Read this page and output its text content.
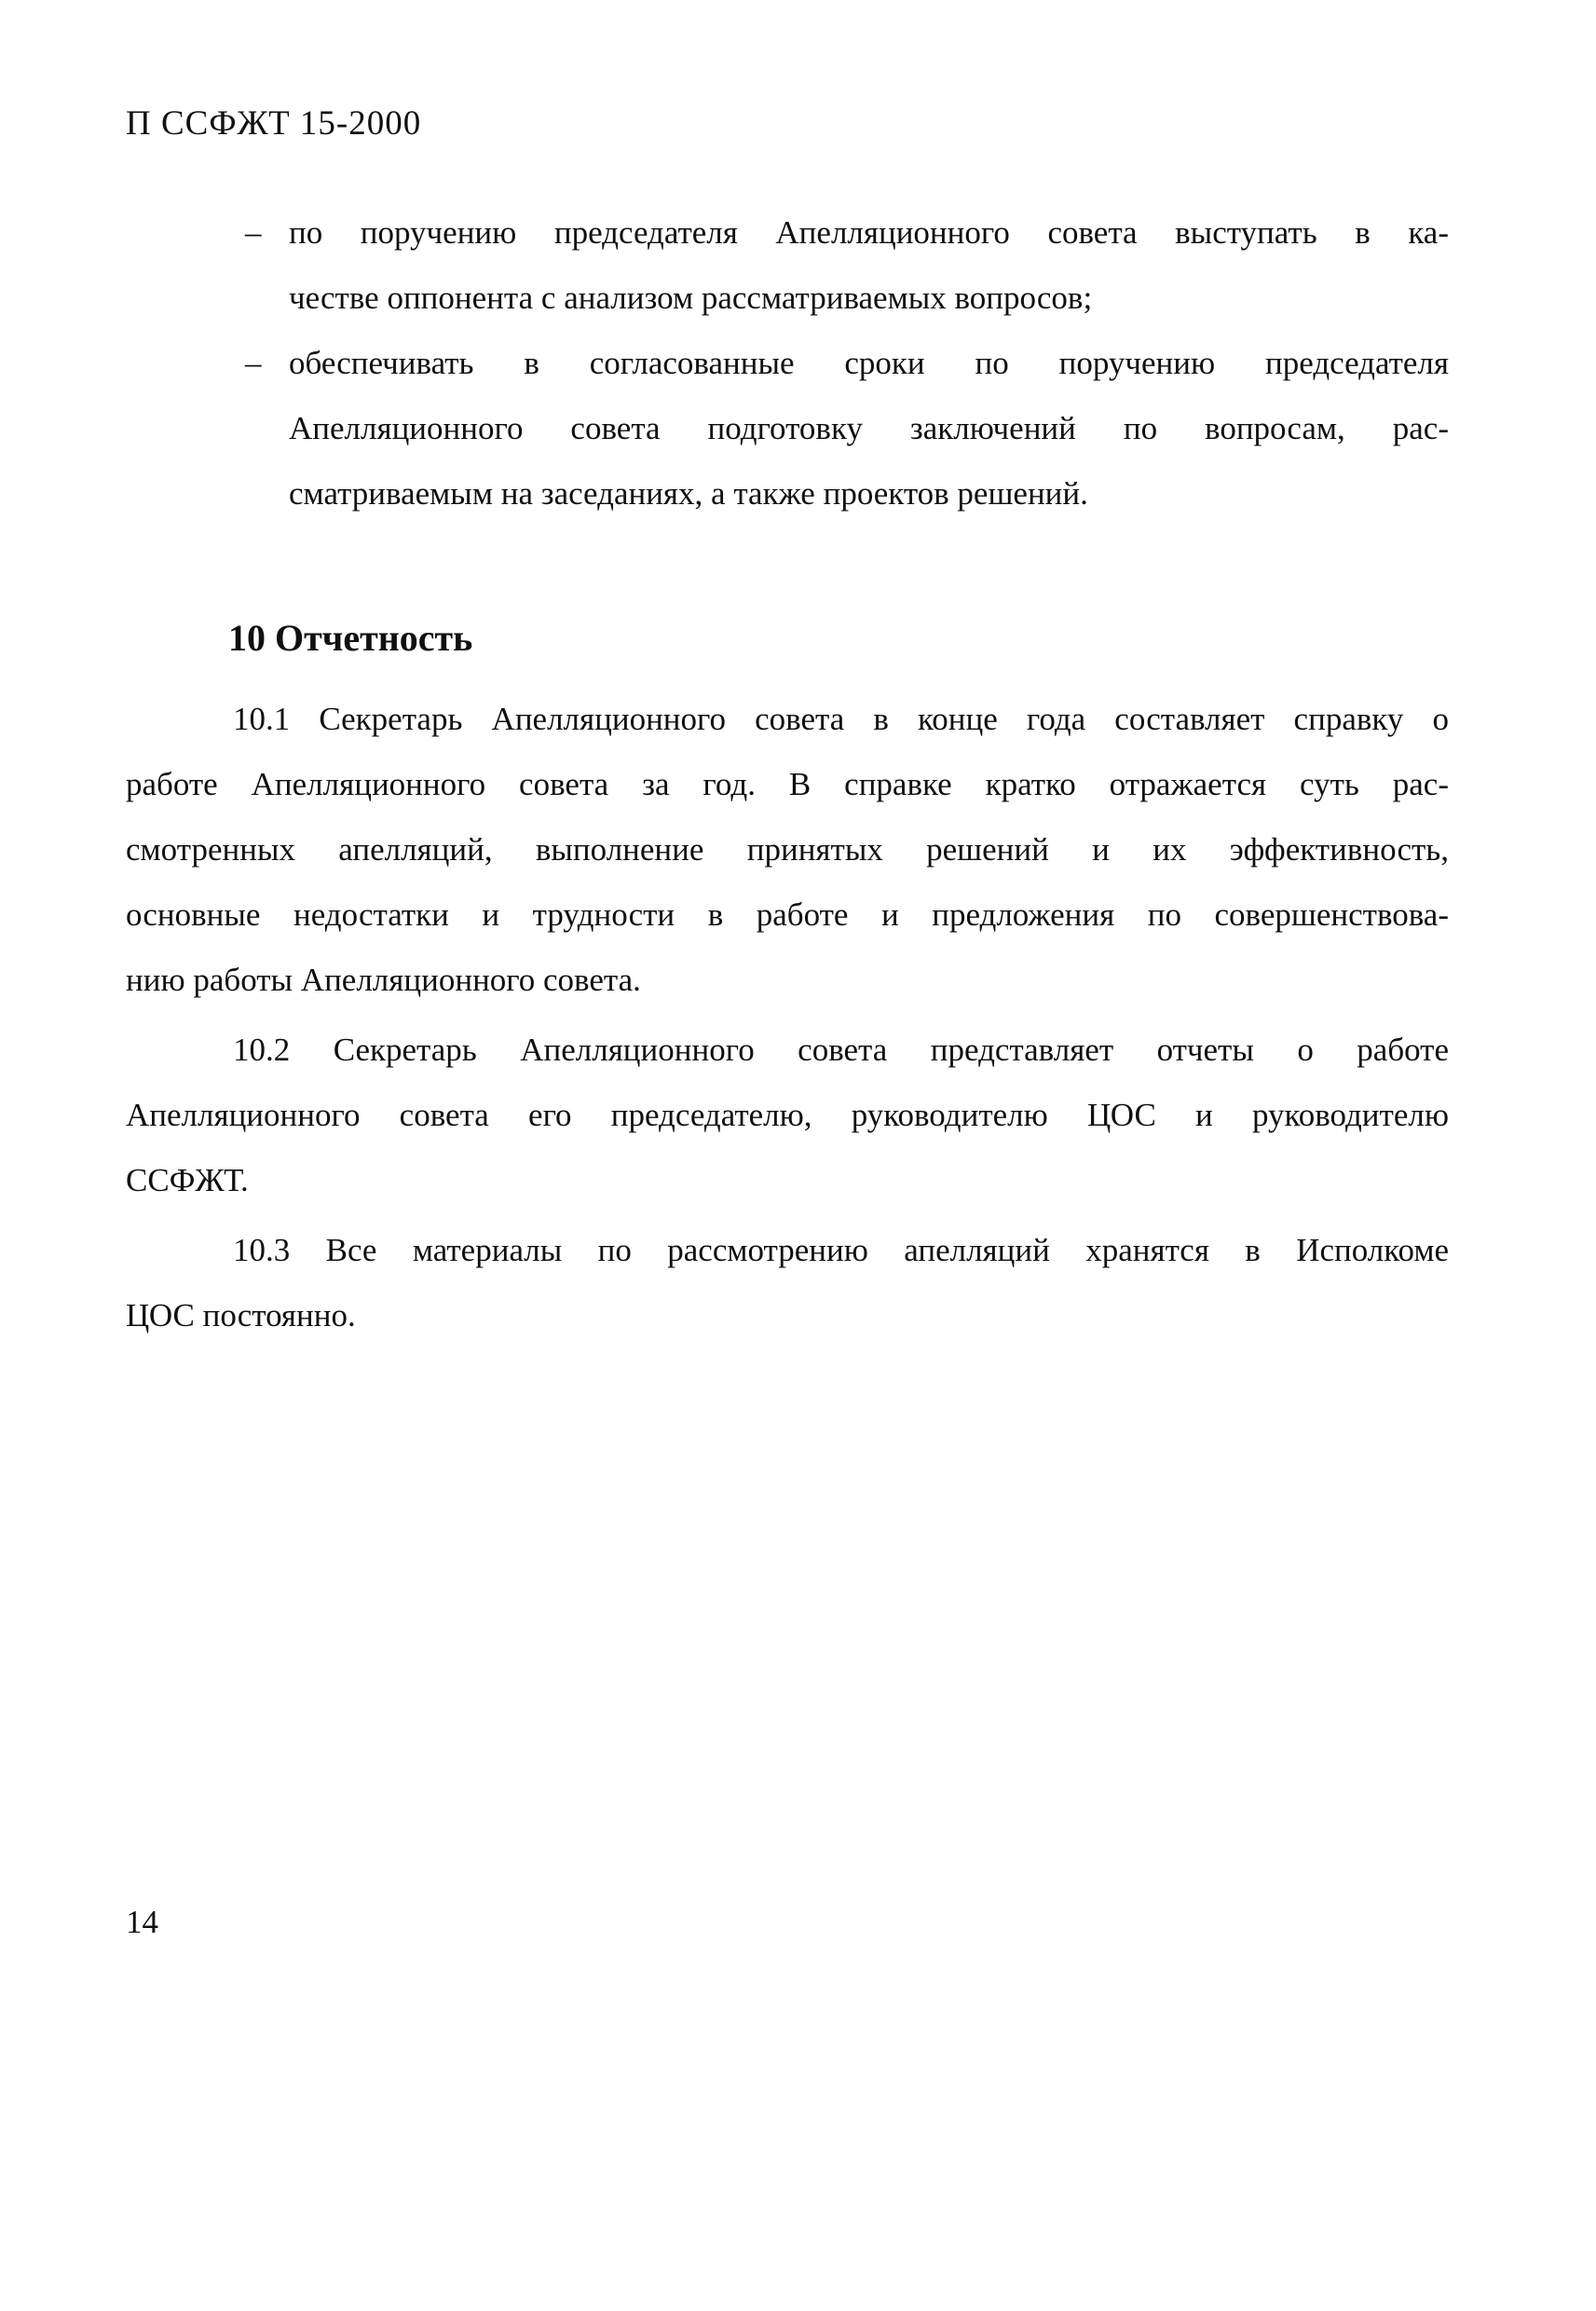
П ССФЖТ 15-2000
– по поручению председателя Апелляционного совета выступать в ка-
честве оппонента с анализом рассматриваемых вопросов;
– обеспечивать в согласованные сроки по поручению председателя
Апелляционного совета подготовку заключений по вопросам, рас-
сматриваемым на заседаниях, а также проектов решений.
10 Отчетность
10.1 Секретарь Апелляционного совета в конце года составляет справку о
работе Апелляционного совета за год. В справке кратко отражается суть рас-
смотренных апелляций, выполнение принятых решений и их эффективность,
основные недостатки и трудности в работе и предложения по совершенствова-
нию работы Апелляционного совета.
10.2 Секретарь Апелляционного совета представляет отчеты о работе
Апелляционного совета его председателю, руководителю ЦОС и руководителю
ССФЖТ.
10.3 Все материалы по рассмотрению апелляций хранятся в Исполкоме
ЦОС постоянно.
14
